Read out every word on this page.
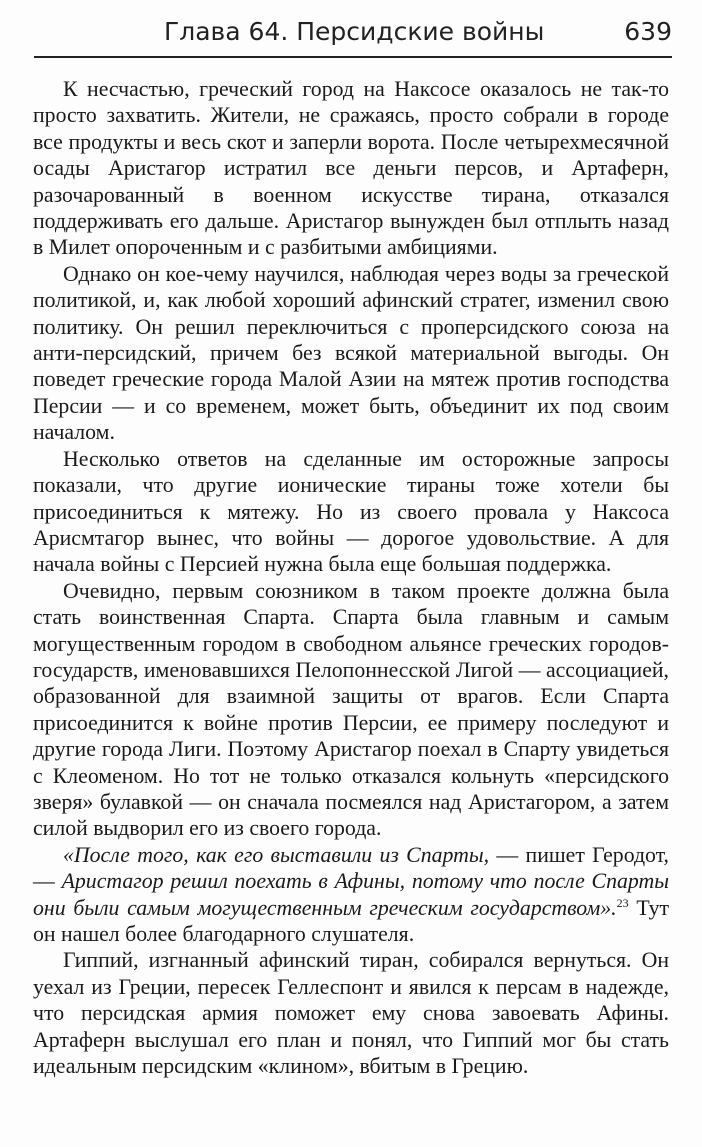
Глава 64. Персидские войны	639

К несчастью, греческий город на Наксосе оказалось не так-то просто захватить. Жители, не сражаясь, просто собрали в городе все продукты и весь скот и заперли ворота. После четырехмесячной осады Аристагор истратил все деньги персов, и Артаферн, разочарованный в военном искусстве тирана, отказался поддерживать его дальше. Аристагор вынужден был отплыть назад в Милет опороченным и с разбитыми амбициями.

Однако он кое-чему научился, наблюдая через воды за греческой политикой, и, как любой хороший афинский стратег, изменил свою политику. Он решил переключиться с проперсидского союза на анти-персидский, причем без всякой материальной выгоды. Он поведет греческие города Малой Азии на мятеж против господства Персии — и со временем, может быть, объединит их под своим началом.

Несколько ответов на сделанные им осторожные запросы показали, что другие ионические тираны тоже хотели бы присоединиться к мятежу. Но из своего провала у Наксоса Арисмтагор вынес, что войны — дорогое удовольствие. А для начала войны с Персией нужна была еще большая поддержка.

Очевидно, первым союзником в таком проекте должна была стать воинственная Спарта. Спарта была главным и самым могущественным городом в свободном альянсе греческих городов-государств, именовавшихся Пелопоннесской Лигой — ассоциацией, образованной для взаимной защиты от врагов. Если Спарта присоединится к войне против Персии, ее примеру последуют и другие города Лиги. Поэтому Аристагор поехал в Спарту увидеться с Клеоменом. Но тот не только отказался кольнуть «персидского зверя» булавкой — он сначала посмеялся над Аристагором, а затем силой выдворил его из своего города.

«После того, как его выставили из Спарты, — пишет Геродот, — Аристагор решил поехать в Афины, потому что после Спарты они были самым могущественным греческим государством».$^{23}$ Тут он нашел более благодарного слушателя.

Гиппий, изгнанный афинский тиран, собирался вернуться. Он уехал из Греции, пересек Геллеспонт и явился к персам в надежде, что персидская армия поможет ему снова завоевать Афины. Артаферн выслушал его план и понял, что Гиппий мог бы стать идеальным персидским «клином», вбитым в Грецию.
